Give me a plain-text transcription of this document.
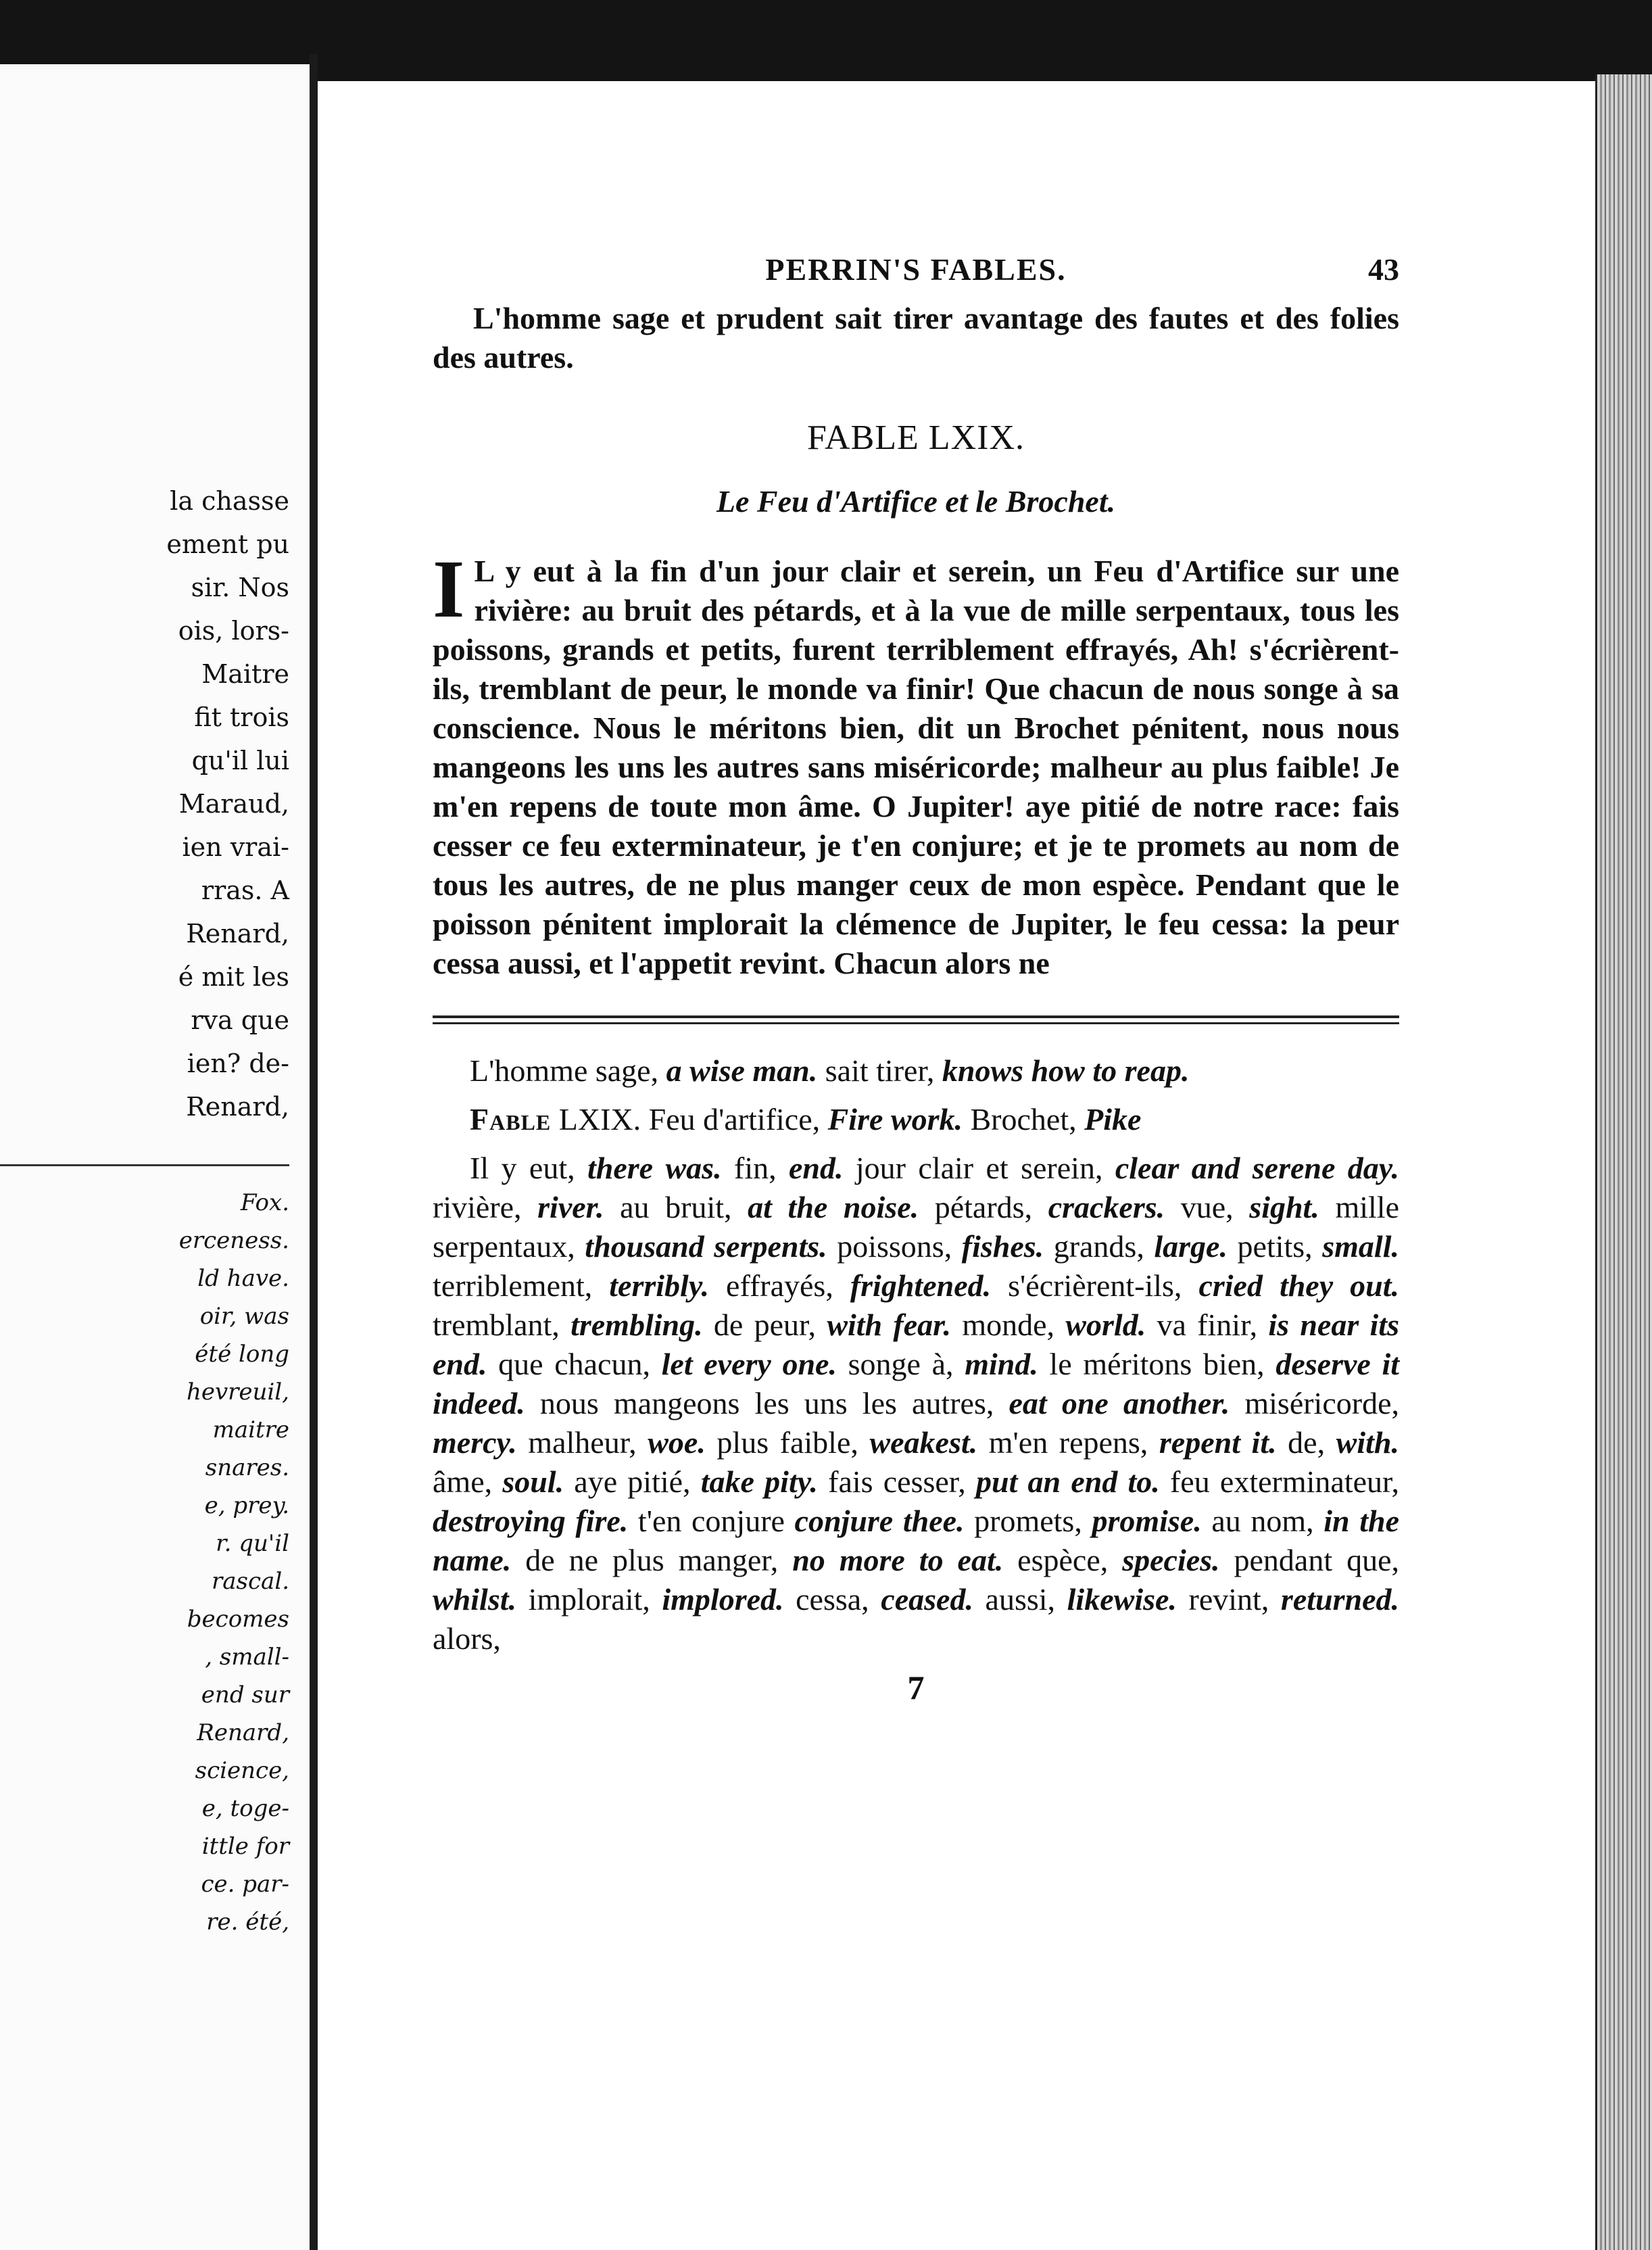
la chasse
ement pu
sir. Nos
ois, lors-
Maitre
fit trois
qu'il lui
Maraud,
ien vrai-
rras. A
Renard,
é mit les
rva que
ien? de-
Renard,
Fox.
erceness.
ld have.
oir, was
été long
hevreuil,
maitre
snares.
e, prey.
r. qu'il
rascal.
becomes
, small-
end sur
Renard,
science,
e, toge-
ittle for
ce. par-
re. été,
PERRIN'S FABLES.	43

L'homme sage et prudent sait tirer avantage des fautes et des folies des autres.

FABLE LXIX.
Le Feu d'Artifice et le Brochet.
I L y eut à la fin d'un jour clair et serein, un Feu d'Artifice sur une rivière: au bruit des pétards, et à la vue de mille serpentaux, tous les poissons, grands et petits, furent terriblement effrayés, Ah! s'écrièrent-ils, tremblant de peur, le monde va finir! Que chacun de nous songe à sa conscience. Nous le méritons bien, dit un Brochet pénitent, nous nous mangeons les uns les autres sans miséricorde; malheur au plus faible! Je m'en repens de toute mon âme. O Jupiter! aye pitié de notre race: fais cesser ce feu exterminateur, je t'en conjure; et je te promets au nom de tous les autres, de ne plus manger ceux de mon espèce. Pendant que le poisson pénitent implorait la clémence de Jupiter, le feu cessa: la peur cessa aussi, et l'appetit revint. Chacun alors ne

L'homme sage, a wise man. sait tirer, knows how to reap.

Fable LXIX. Feu d'artifice, Fire work. Brochet, Pike

Il y eut, there was. fin, end. jour clair et serein, clear and serene day. rivière, river. au bruit, at the noise. pétards, crackers. vue, sight. mille serpentaux, thousand serpents. poissons, fishes. grands, large. petits, small. terriblement, terribly. effrayés, frightened. s'écrièrent-ils, cried they out. tremblant, trembling. de peur, with fear. monde, world. va finir, is near its end. que chacun, let every one. songe à, mind. le méritons bien, deserve it indeed. nous mangeons les uns les autres, eat one another. miséricorde, mercy. malheur, woe. plus faible, weakest. m'en repens, repent it. de, with. âme, soul. aye pitié, take pity. fais cesser, put an end to. feu exterminateur, destroying fire. t'en conjure conjure thee. promets, promise. au nom, in the name. de ne plus manger, no more to eat. espèce, species. pendant que, whilst. implorait, implored. cessa, ceased. aussi, likewise. revint, returned. alors,

7
